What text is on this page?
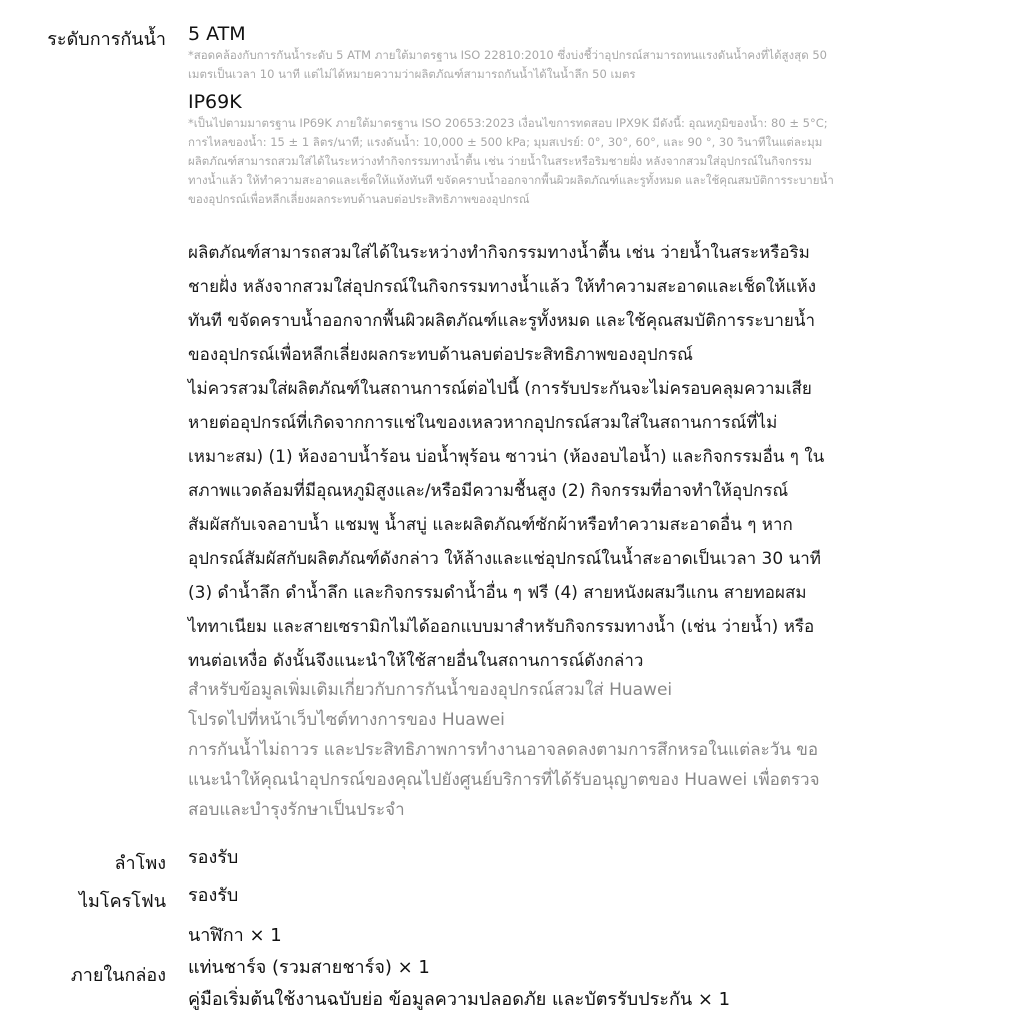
ระดับการกันน้ำ 5 ATM

*สอดคล้องกับการกันน้ำระดับ 5 ATM ภายใต้มาตรฐาน ISO 22810:2010 ซึ่งบ่งชี้ว่าอุปกรณ์สามารถทนแรงดันน้ำคงที่ได้สูงสุด 50

เมตรเป็นเวลา 10 นาที แต่ไม่ได้หมายความว่าผลิตภัณฑ์สามารถกันน้ำได้ในน้ำลึก 50 เมตร

IP69K

*เป็นไปตามมาตรฐาน IP69K ภายใต้มาตรฐาน ISO 20653:2023 เงื่อนไขการทดสอบ IPX9K มีดังนี้: อุณหภูมิของน้ำ: 80 ± 5°C;

การไหลของน้ำ: 15 ± 1 ลิตร/นาที; แรงดันน้ำ: 10,000 ± 500 kPa; มุมสเปรย์: 0°, 30°, 60°, และ 90 °, 30 วินาทีในแต่ละมุม

ผลิตภัณฑ์สามารถสวมใส่ได้ในระหว่างทำกิจกรรมทางน้ำตื้น เช่น ว่ายน้ำในสระหรือริมชายฝั่ง หลังจากสวมใส่อุปกรณ์ในกิจกรรม

ทางน้ำแล้ว ให้ทำความสะอาดและเช็ดให้แห้งทันที ขจัดคราบน้ำออกจากพื้นผิวผลิตภัณฑ์และรูทั้งหมด และใช้คุณสมบัติการระบายน้ำ

ของอุปกรณ์เพื่อหลีกเลี่ยงผลกระทบด้านลบต่อประสิทธิภาพของอุปกรณ์

ผลิตภัณฑ์สามารถสวมใส่ได้ในระหว่างทำกิจกรรมทางน้ำตื้น เช่น ว่ายน้ำในสระหรือริม

ชายฝั่ง หลังจากสวมใส่อุปกรณ์ในกิจกรรมทางน้ำแล้ว ให้ทำความสะอาดและเช็ดให้แห้ง

ทันที ขจัดคราบน้ำออกจากพื้นผิวผลิตภัณฑ์และรูทั้งหมด และใช้คุณสมบัติการระบายน้ำ

ของอุปกรณ์เพื่อหลีกเลี่ยงผลกระทบด้านลบต่อประสิทธิภาพของอุปกรณ์

ไม่ควรสวมใส่ผลิตภัณฑ์ในสถานการณ์ต่อไปนี้ (การรับประกันจะไม่ครอบคลุมความเสีย

หายต่ออุปกรณ์ที่เกิดจากการแช่ในของเหลวหากอุปกรณ์สวมใส่ในสถานการณ์ที่ไม่

เหมาะสม) (1) ห้องอาบน้ำร้อน บ่อน้ำพุร้อน ซาวน่า (ห้องอบไอน้ำ) และกิจกรรมอื่น ๆ ใน

สภาพแวดล้อมที่มีอุณหภูมิสูงและ/หรือมีความชื้นสูง (2) กิจกรรมที่อาจทำให้อุปกรณ์

สัมผัสกับเจลอาบน้ำ แชมพู น้ำสบู่ และผลิตภัณฑ์ซักผ้าหรือทำความสะอาดอื่น ๆ หาก

อุปกรณ์สัมผัสกับผลิตภัณฑ์ดังกล่าว ให้ล้างและแช่อุปกรณ์ในน้ำสะอาดเป็นเวลา 30 นาที

(3) ดำน้ำลึก ดำน้ำลึก และกิจกรรมดำน้ำอื่น ๆ ฟรี (4) สายหนังผสมวีแกน สายทอผสม

ไททาเนียม และสายเซรามิกไม่ได้ออกแบบมาสำหรับกิจกรรมทางน้ำ (เช่น ว่ายน้ำ) หรือ

ทนต่อเหงื่อ ดังนั้นจึงแนะนำให้ใช้สายอื่นในสถานการณ์ดังกล่าว

สำหรับข้อมูลเพิ่มเติมเกี่ยวกับการกันน้ำของอุปกรณ์สวมใส่ Huawei

โปรดไปที่หน้าเว็บไซต์ทางการของ Huawei

การกันน้ำไม่ถาวร และประสิทธิภาพการทำงานอาจลดลงตามการสึกหรอในแต่ละวัน ขอ

แนะนำให้คุณนำอุปกรณ์ของคุณไปยังศูนย์บริการที่ได้รับอนุญาตของ Huawei เพื่อตรวจ

สอบและบำรุงรักษาเป็นประจำ

ลำโพง รองรับ

ไมโครโฟน รองรับ

ภายในกล่อง

นาฬิกา × 1

แท่นชาร์จ (รวมสายชาร์จ) × 1

คู่มือเริ่มต้นใช้งานฉบับย่อ ข้อมูลความปลอดภัย และบัตรรับประกัน × 1
